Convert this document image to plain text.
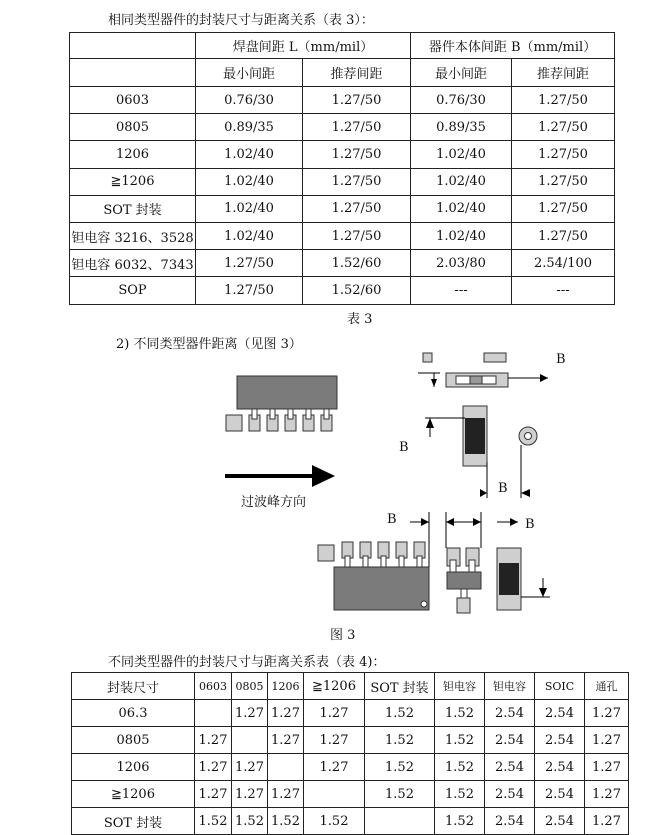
相同类型器件的封装尺寸与距离关系（表 3）：
	焊盘间距 L（mm/mil）		器件本体间距 B（mm/mil）	
	最小间距	推荐间距	最小间距	推荐间距
0603	0.76/30	1.27/50	0.76/30	1.27/50
0805	0.89/35	1.27/50	0.89/35	1.27/50
1206	1.02/40	1.27/50	1.02/40	1.27/50
≧1206	1.02/40	1.27/50	1.02/40	1.27/50
SOT 封装	1.02/40	1.27/50	1.02/40	1.27/50
钽电容 3216、3528	1.02/40	1.27/50	1.02/40	1.27/50
钽电容 6032、7343	1.27/50	1.52/60	2.03/80	2.54/100
SOP	1.27/50	1.52/60	---	---
表 3
2) 不同类型器件距离（见图 3）
过波峰方向
B
B
B
B	B
图 3
不同类型器件的封装尺寸与距离关系表（表 4)：
封装尺寸	0603	0805	1206	≧1206	SOT 封装	钽电容	钽电容	SOIC	通孔
06.3		1.27	1.27	1.27	1.52	1.52	2.54	2.54	1.27
0805	1.27		1.27	1.27	1.52	1.52	2.54	2.54	1.27
1206	1.27	1.27		1.27	1.52	1.52	2.54	2.54	1.27
≧1206	1.27	1.27	1.27		1.52	1.52	2.54	2.54	1.27
SOT 封装	1.52	1.52	1.52	1.52		1.52	2.54	2.54	1.27
